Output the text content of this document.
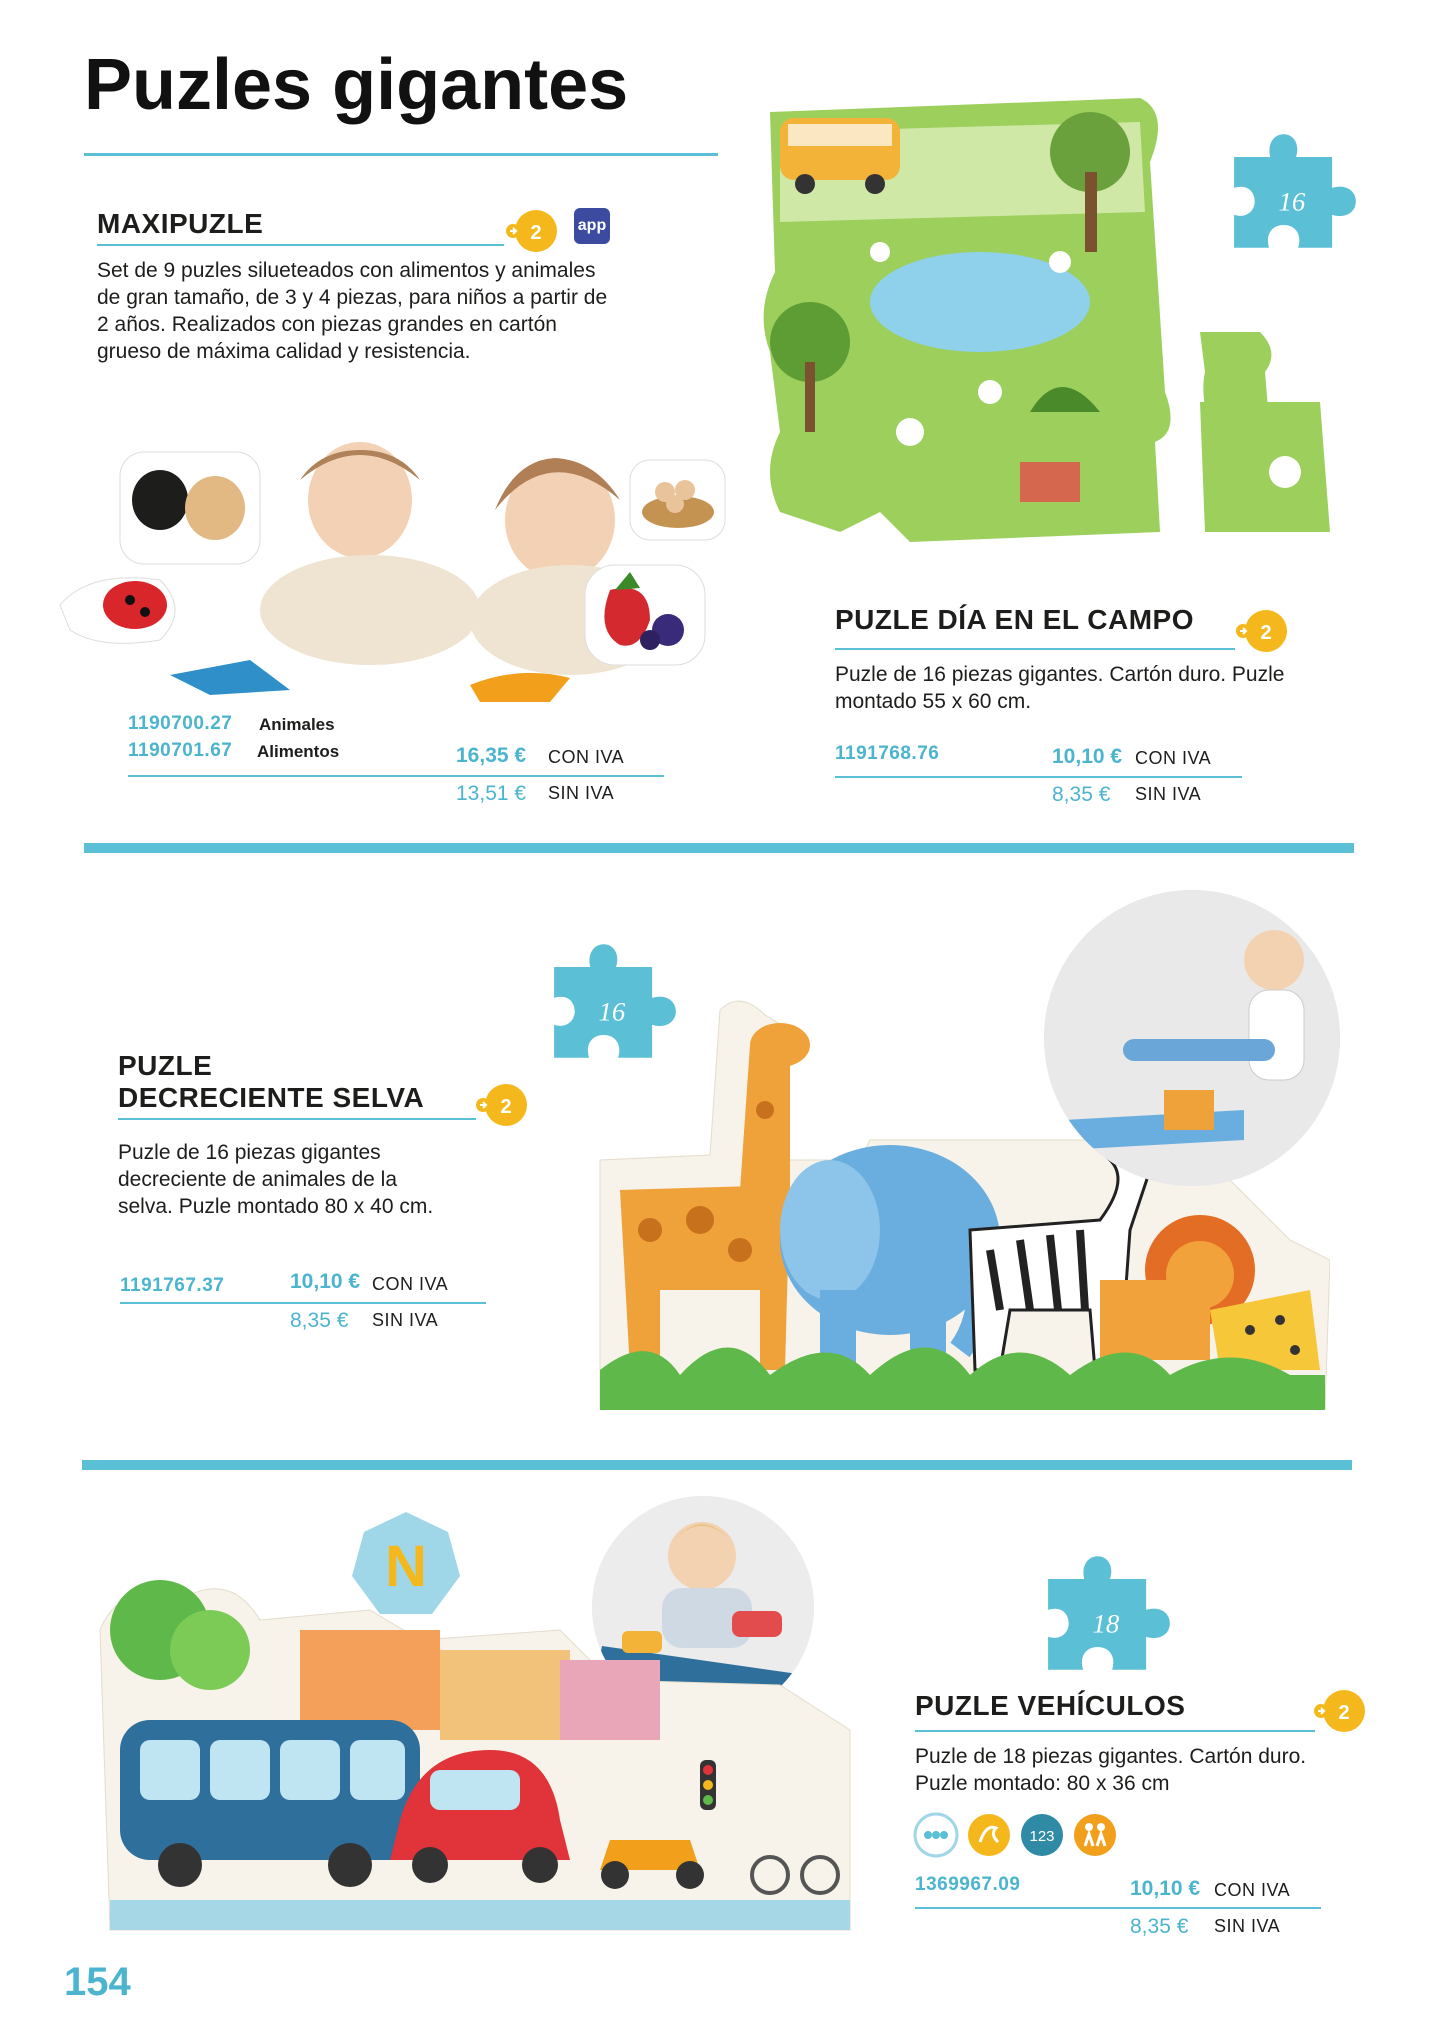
Puzles gigantes
MAXIPUZLE	2 app
Set de 9 puzles silueteados con alimentos y animales de gran tamaño, de 3 y 4 piezas, para niños a partir de 2 años. Realizados con piezas grandes en cartón grueso de máxima calidad y resistencia.
1190700.27 Animales
1190701.67 Alimentos	16,35 € CON IVA
13,51 € SIN IVA
16
PUZLE DÍA EN EL CAMPO	2
Puzle de 16 piezas gigantes. Cartón duro. Puzle montado 55 x 60 cm.
1191768.76	10,10 € CON IVA
8,35 € SIN IVA
16
PUZLE
DECRECIENTE SELVA	2
Puzle de 16 piezas gigantes decreciente de animales de la selva. Puzle montado 80 x 40 cm.
1191767.37	10,10 € CON IVA
8,35 € SIN IVA
N
18
PUZLE VEHÍCULOS	2
Puzle de 18 piezas gigantes. Cartón duro. Puzle montado: 80 x 36 cm
123
1369967.09	10,10 € CON IVA
8,35 € SIN IVA
154
